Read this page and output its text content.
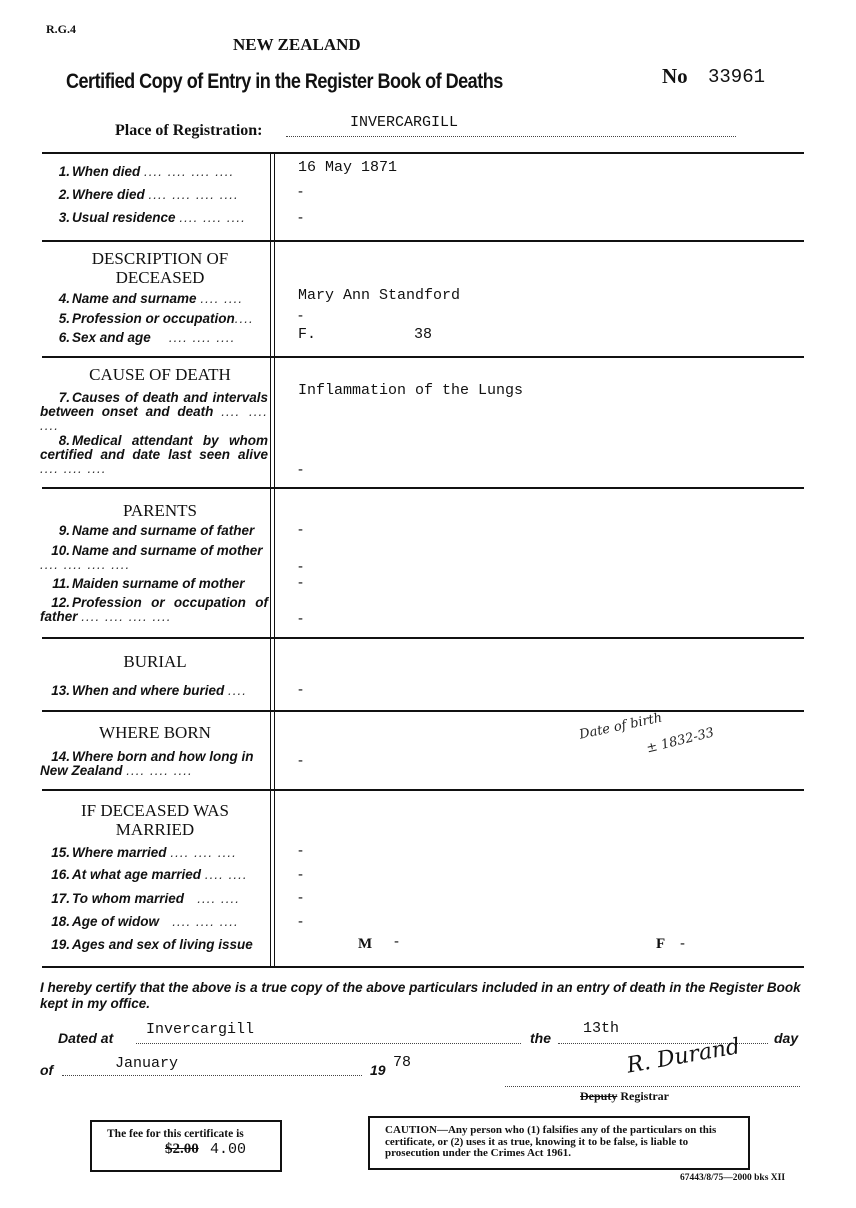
R.G.4
NEW ZEALAND
Certified Copy of Entry in the Register Book of Deaths	No 33961
Place of Registration:	INVERCARGILL
1. When died .... .... .... ....	16 May 1871
2. Where died .... .... .... ....	-
3. Usual residence .... .... ....	-
DESCRIPTION OF DECEASED
4. Name and surname .... ....	Mary Ann Standford
5. Profession or occupation....	-
6. Sex and age    .... .... ....	F.	38
CAUSE OF DEATH
7. Causes of death and intervals between onset and death .... .... ....
Inflammation of the Lungs
8. Medical attendant by whom certified and date last seen alive .... .... ....	-
PARENTS
9. Name and surname of father	-
10. Name and surname of mother .... .... .... ....	-
11. Maiden surname of mother	-
12. Profession or occupation of father .... .... .... ....	-
BURIAL
13. When and where buried ....	-
WHERE BORN
14. Where born and how long in New Zealand .... .... ....
-
Date of birth
± 1832-33
IF DECEASED WAS MARRIED
15. Where married .... .... ....	-
16. At what age married .... ....	-
17. To whom married   .... ....	-
18. Age of widow   .... .... ....	-
19. Ages and sex of living issue	M -	F -
I hereby certify that the above is a true copy of the above particulars included in an entry of death in the Register Book kept in my office.
Dated at Invercargill	the
13th
day
of	January	19 78	R. Durand
Deputy Registrar
The fee for this certificate is
$2.00 4.00
CAUTION—Any person who (1) falsifies any of the particulars on this certificate, or (2) uses it as true, knowing it to be false, is liable to prosecution under the Crimes Act 1961.
67443/8/75—2000 bks XII
